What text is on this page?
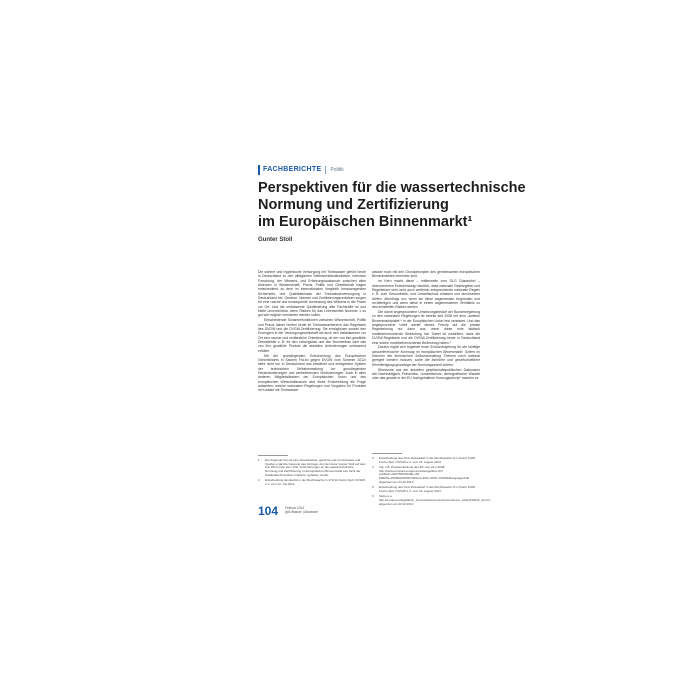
FACHBERICHTE Politik
Perspektiven für die wassertechnische
Normung und Zertifizierung
im Europäischen Binnenmarkt¹
Gunter Stoll

Die sichere und hygienische Versorgung mit Trinkwasser gehört heute in Deutschland zu den alltäglichen Selbstverständlichkeiten. Intensive Forschung, der Wissens- und Erfahrungsaustausch zwischen allen Akteuren in Wissenschaft, Praxis, Politik und Gesellschaft tragen entscheidend zu dem im internationalen Vergleich herausragenden Sicherheits- und Qualitätsniveau der Trinkwasserversorgung in Deutschland bei. Gesetze, Normen und Zertifizierungsverfahren sorgen für eine rasche und konsequente Umsetzung des Wissens in die Praxis vor Ort. Und die umfassende Qualifizierung aller Fachkräfte ist und bleibt unverzichtbar, wenn Risiken für das Lebensmittel Nummer 1 so gut wie möglich vermieden werden sollen.

Entscheidende Schamierfunktionen zwischen Wissenschaft, Politik und Praxis haben hierbei heute im Trinkwasserbereich das Regelwerk des DVGW und die DVGW-Zertifizierung. Sie ermöglichen sowohl den Erzeugern in der Versorgungswirtschaft als auch den Installateuren vor Ort eine rasche und verlässliche Orientierung, ob der von ihm gewählte Dienstleister z. B. für den Leitungsbau und den Brunnenbau oder das von ihm gewählte Produkt die aktuellen Anforderungen umfassend erfüllen.

Mit der grundlegenden Entscheidung des Europäischen Gerichtshofes in Sachen Fra.bo gegen DVGW vom Sommer 2012² steht nicht nur in Deutschland das bewährte und erfolgreiche System der technischen Selbstverwaltung vor grundlegenden Herausforderungen und weitreichenden Veränderungen. Auch in allen anderen Mitgliedsländern der Europäischen Union und des europäischen Wirtschaftsraums wird diese Entscheidung die Frage aufwerfen, welche nationalen Regelungen und Vorgaben für Produkte im Kontakt mit Trinkwasser

wasser noch mit den Grundprinzipien des gemeinsamen europäischen Binnenmarktes vereinbar sind.

Im Kern macht diese – mittlerweile vom OLG Düsseldorf – übernommene Entscheidung³ deutlich, dass nationale Gesetzgeber und Regelsetzer sehr wohl auch weiterhin entsprechende nationale Regeln z. B. zum Gesundheits- und Umweltschutz erlassen und durchsetzen dürfen. Allerdings nur, wenn sie diese angemessen begründen und rechtfertigen und wenn diese in einem angemessenen Verhältnis zu den ermittelten Risiken stehen.

Die damit angesprochene Umsetzungsbedarf der Bundesregierung zu den nationalen Regelungen ist bereits seit 2008 mit dem „zweiten Binnenmarktpaket“⁴ in der Europäischen Union fest verankert. Und das angesprochene Urteil wertet dieses Prinzip auf die private Regelsetzung nur dann aus, wenn diese eine faktisch marktbeherrschende Bedeutung hat. Dabei ist umstritten, dass die DVGW-Regelwerk und die DVGW-Zertifizierung heute in Deutschland eine solche marktbeherrschende Bedeutung haben.⁵

Daraus ergibt sich folgende erste Schlussfolgerung für die künftige wassertechnische Normung im europäischen Binnenmarkt: Sofern im Rahmen der technischen Selbstverwaltung Themen noch national geregelt werden müssen, sollte die fachliche und gesellschaftliche Rechtfertigungsgrundlage der Normungsarbeit stehen.

Stichworte aus der aktuellen gesellschaftspolitischen Diskussion wie Nachhaltigkeit, Prävention, Umweltschutz, demografischer Wandel oder das gerade in der EU hochgehaltene Vorsorgeprinzip⁶ machen es

1	Der folgende Text ist eine überarbeitete, gekürzte und um Hinweise und Quellen ergänzte Fassung des Vortrags, den der Autor Gunter Stoll auf dem erst 2013 unter dem Titel „Anforderungen an die wassertechnische Normung und Zertifizierung im Europäischen Binnenmarkt aus Sicht der Gebäudetechnischen Industrie“ gehalten wurde.
2	Entscheidung des EuGH in der Rechtssache C-171/11 Fra.bo SpA / DVGW e.V. vom 12. Juli 2012
3	Entscheidung des OLG Düsseldorf in der Rechtssache VI-U (Kart) 11/08 Fra.bo SpA / DVGW e.V. vom 14. August 2013
4	Vgl. z.B. Pressemitteilung des EP vom 21.2.2008: http://www.europarl.europa.eu/sides/getDoc.do?pubRef=-//EP//NONSGML+IM-PRESS+20080222IPR22189+0+DOC+PDF+V0//DE&language=DE abgerufen am 24.10.2013
5	Entscheidung des OLG Düsseldorf in der Rechtssache VI-U (Kart) 11/08 Fra.bo SpA / DVGW e.V. vom 14. August 2013
6	Siehe u.a. http://europa.eu/legislation_summaries/consumers/consumer_safety/l32042_de.htm abgerufen am 23.10.2013
104 Februar 2014
gwf-Wasser | Abwasser
